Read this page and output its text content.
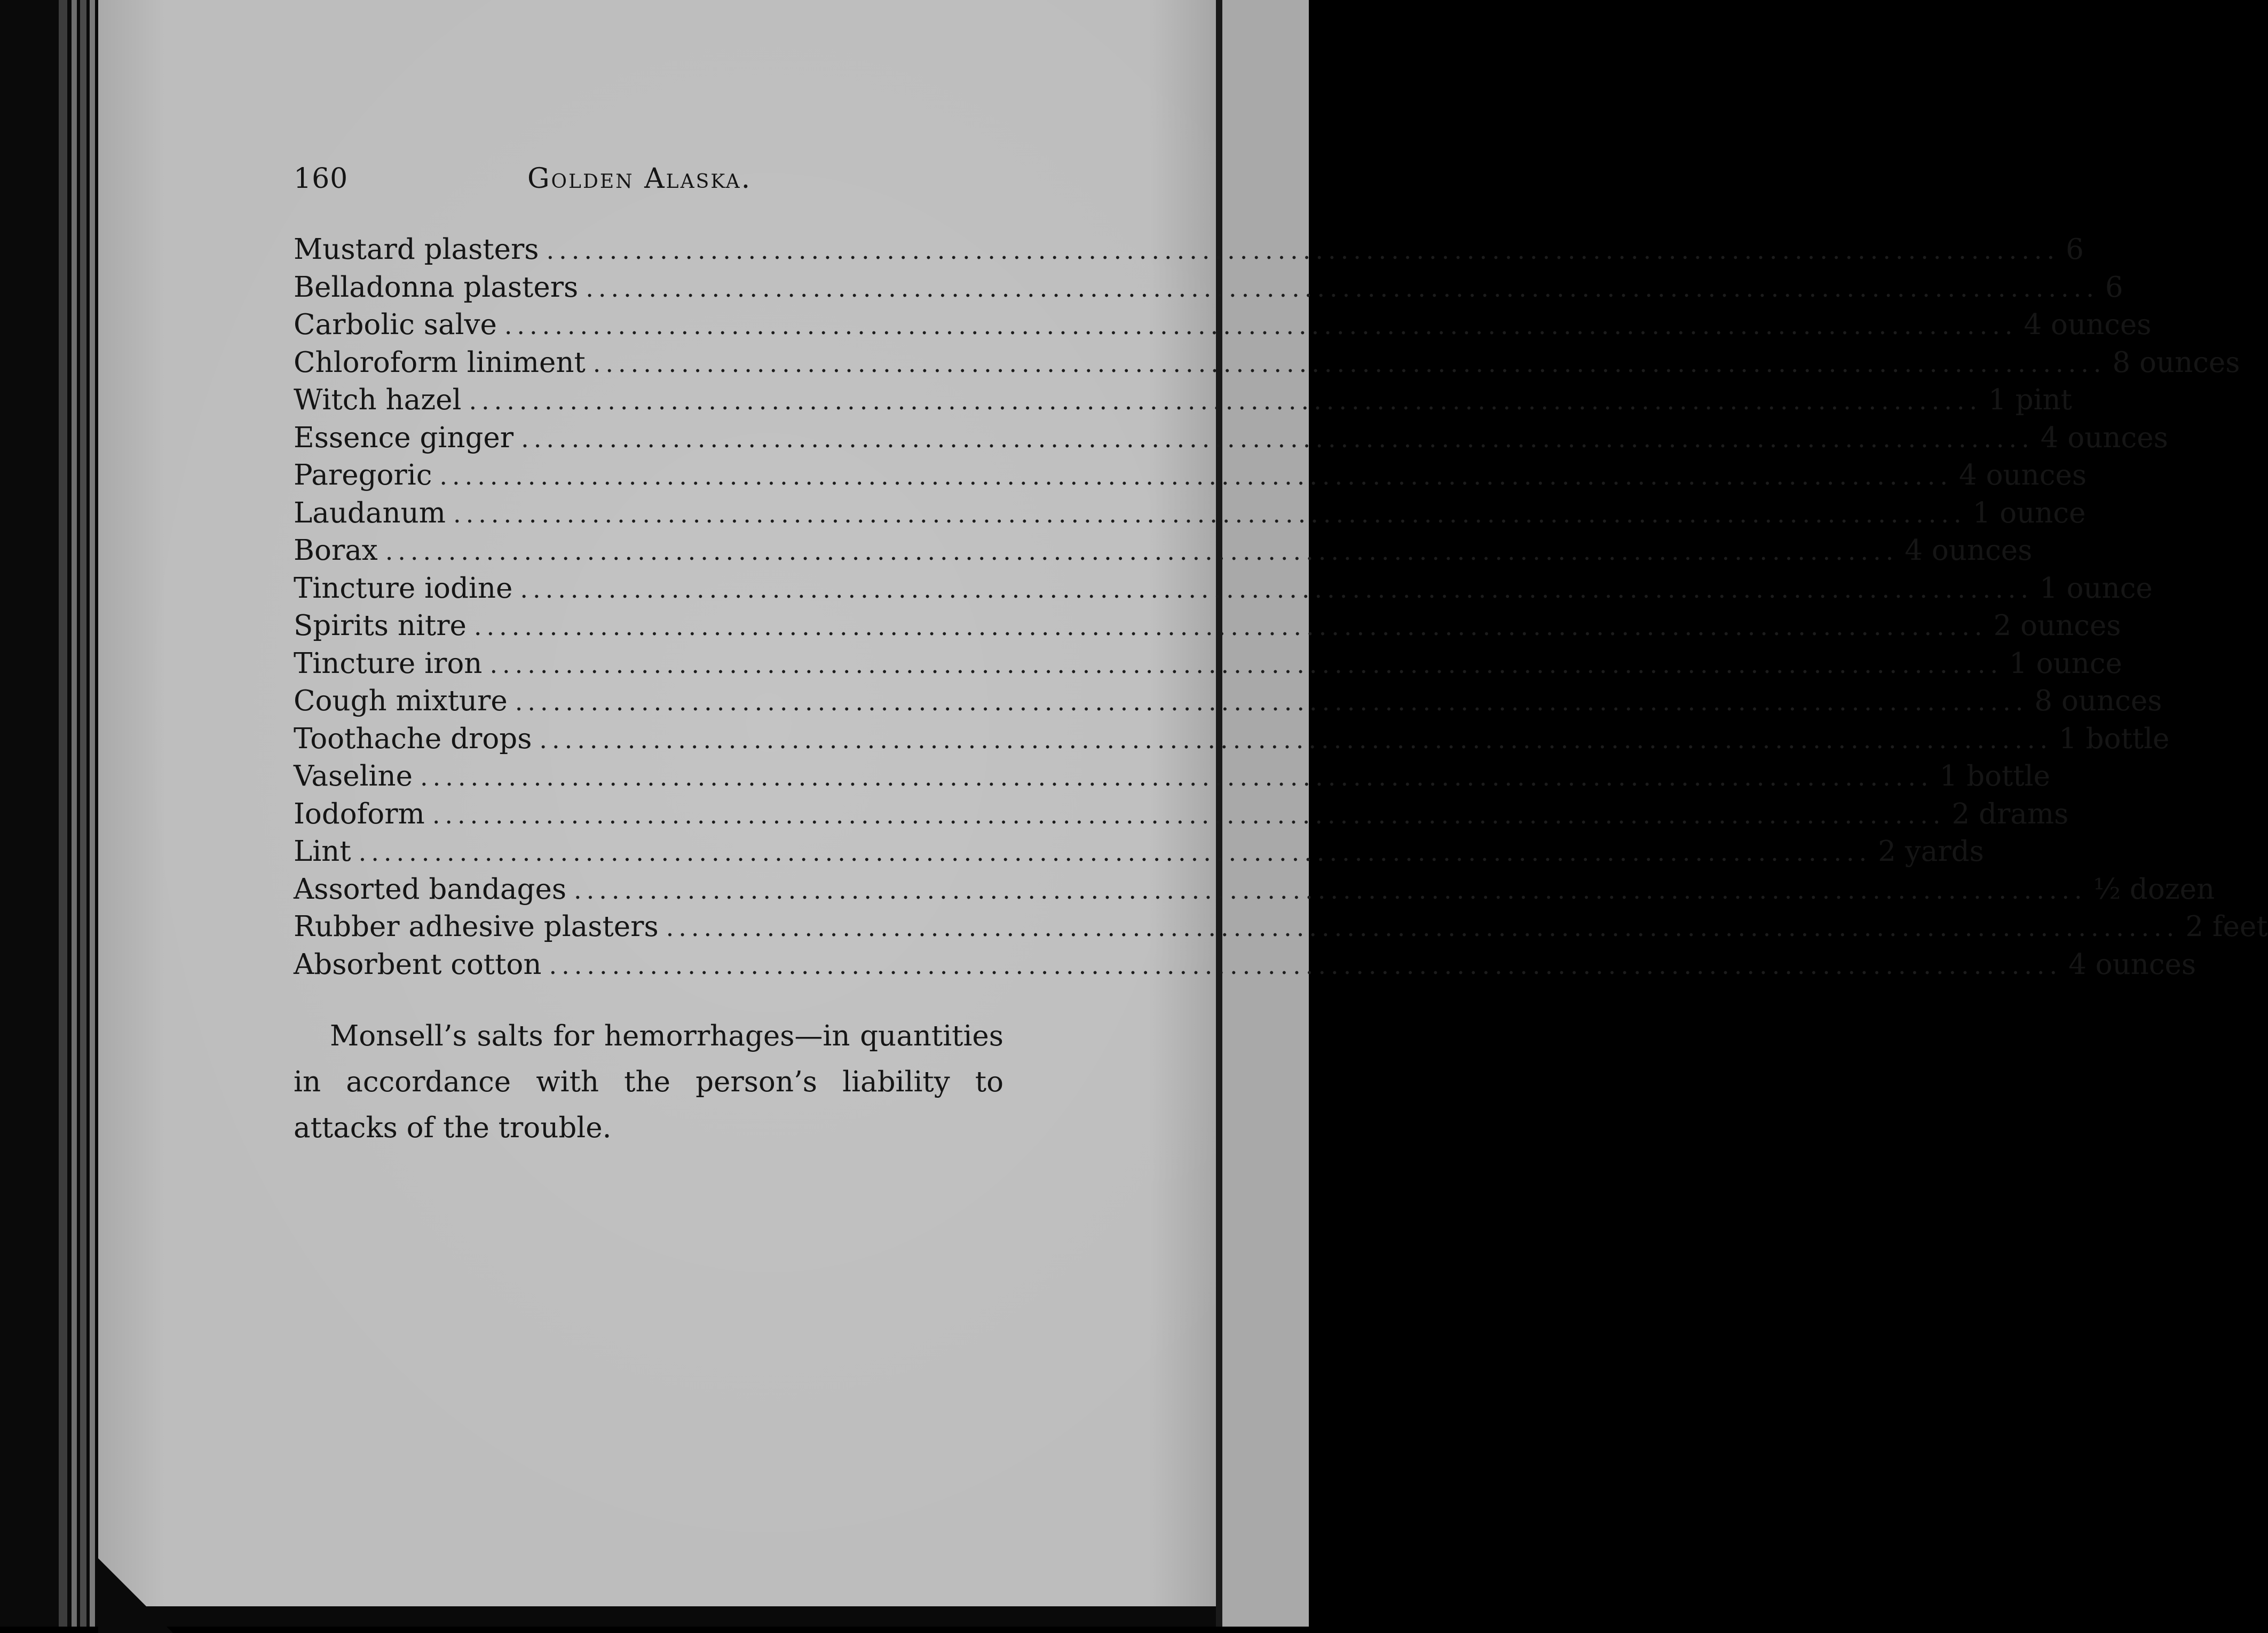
160	Golden Alaska.
Mustard plasters ........................................................................................................................ 6
Belladonna plasters ........................................................................................................................ 6
Carbolic salve ........................................................................................................................ 4 ounces
Chloroform liniment ........................................................................................................................ 8 ounces
Witch hazel ........................................................................................................................ 1 pint
Essence ginger ........................................................................................................................ 4 ounces
Paregoric ........................................................................................................................ 4 ounces
Laudanum ........................................................................................................................ 1 ounce
Borax ........................................................................................................................ 4 ounces
Tincture iodine ........................................................................................................................ 1 ounce
Spirits nitre ........................................................................................................................ 2 ounces
Tincture iron ........................................................................................................................ 1 ounce
Cough mixture ........................................................................................................................ 8 ounces
Toothache drops ........................................................................................................................ 1 bottle
Vaseline ........................................................................................................................ 1 bottle
Iodoform ........................................................................................................................ 2 drams
Lint ........................................................................................................................ 2 yards
Assorted bandages ........................................................................................................................ ½ dozen
Rubber adhesive plasters ........................................................................................................................ 2 feet
Absorbent cotton ........................................................................................................................ 4 ounces

Monsell’s salts for hemorrhages—in quantities in accordance with the person’s liability to attacks of the trouble.
